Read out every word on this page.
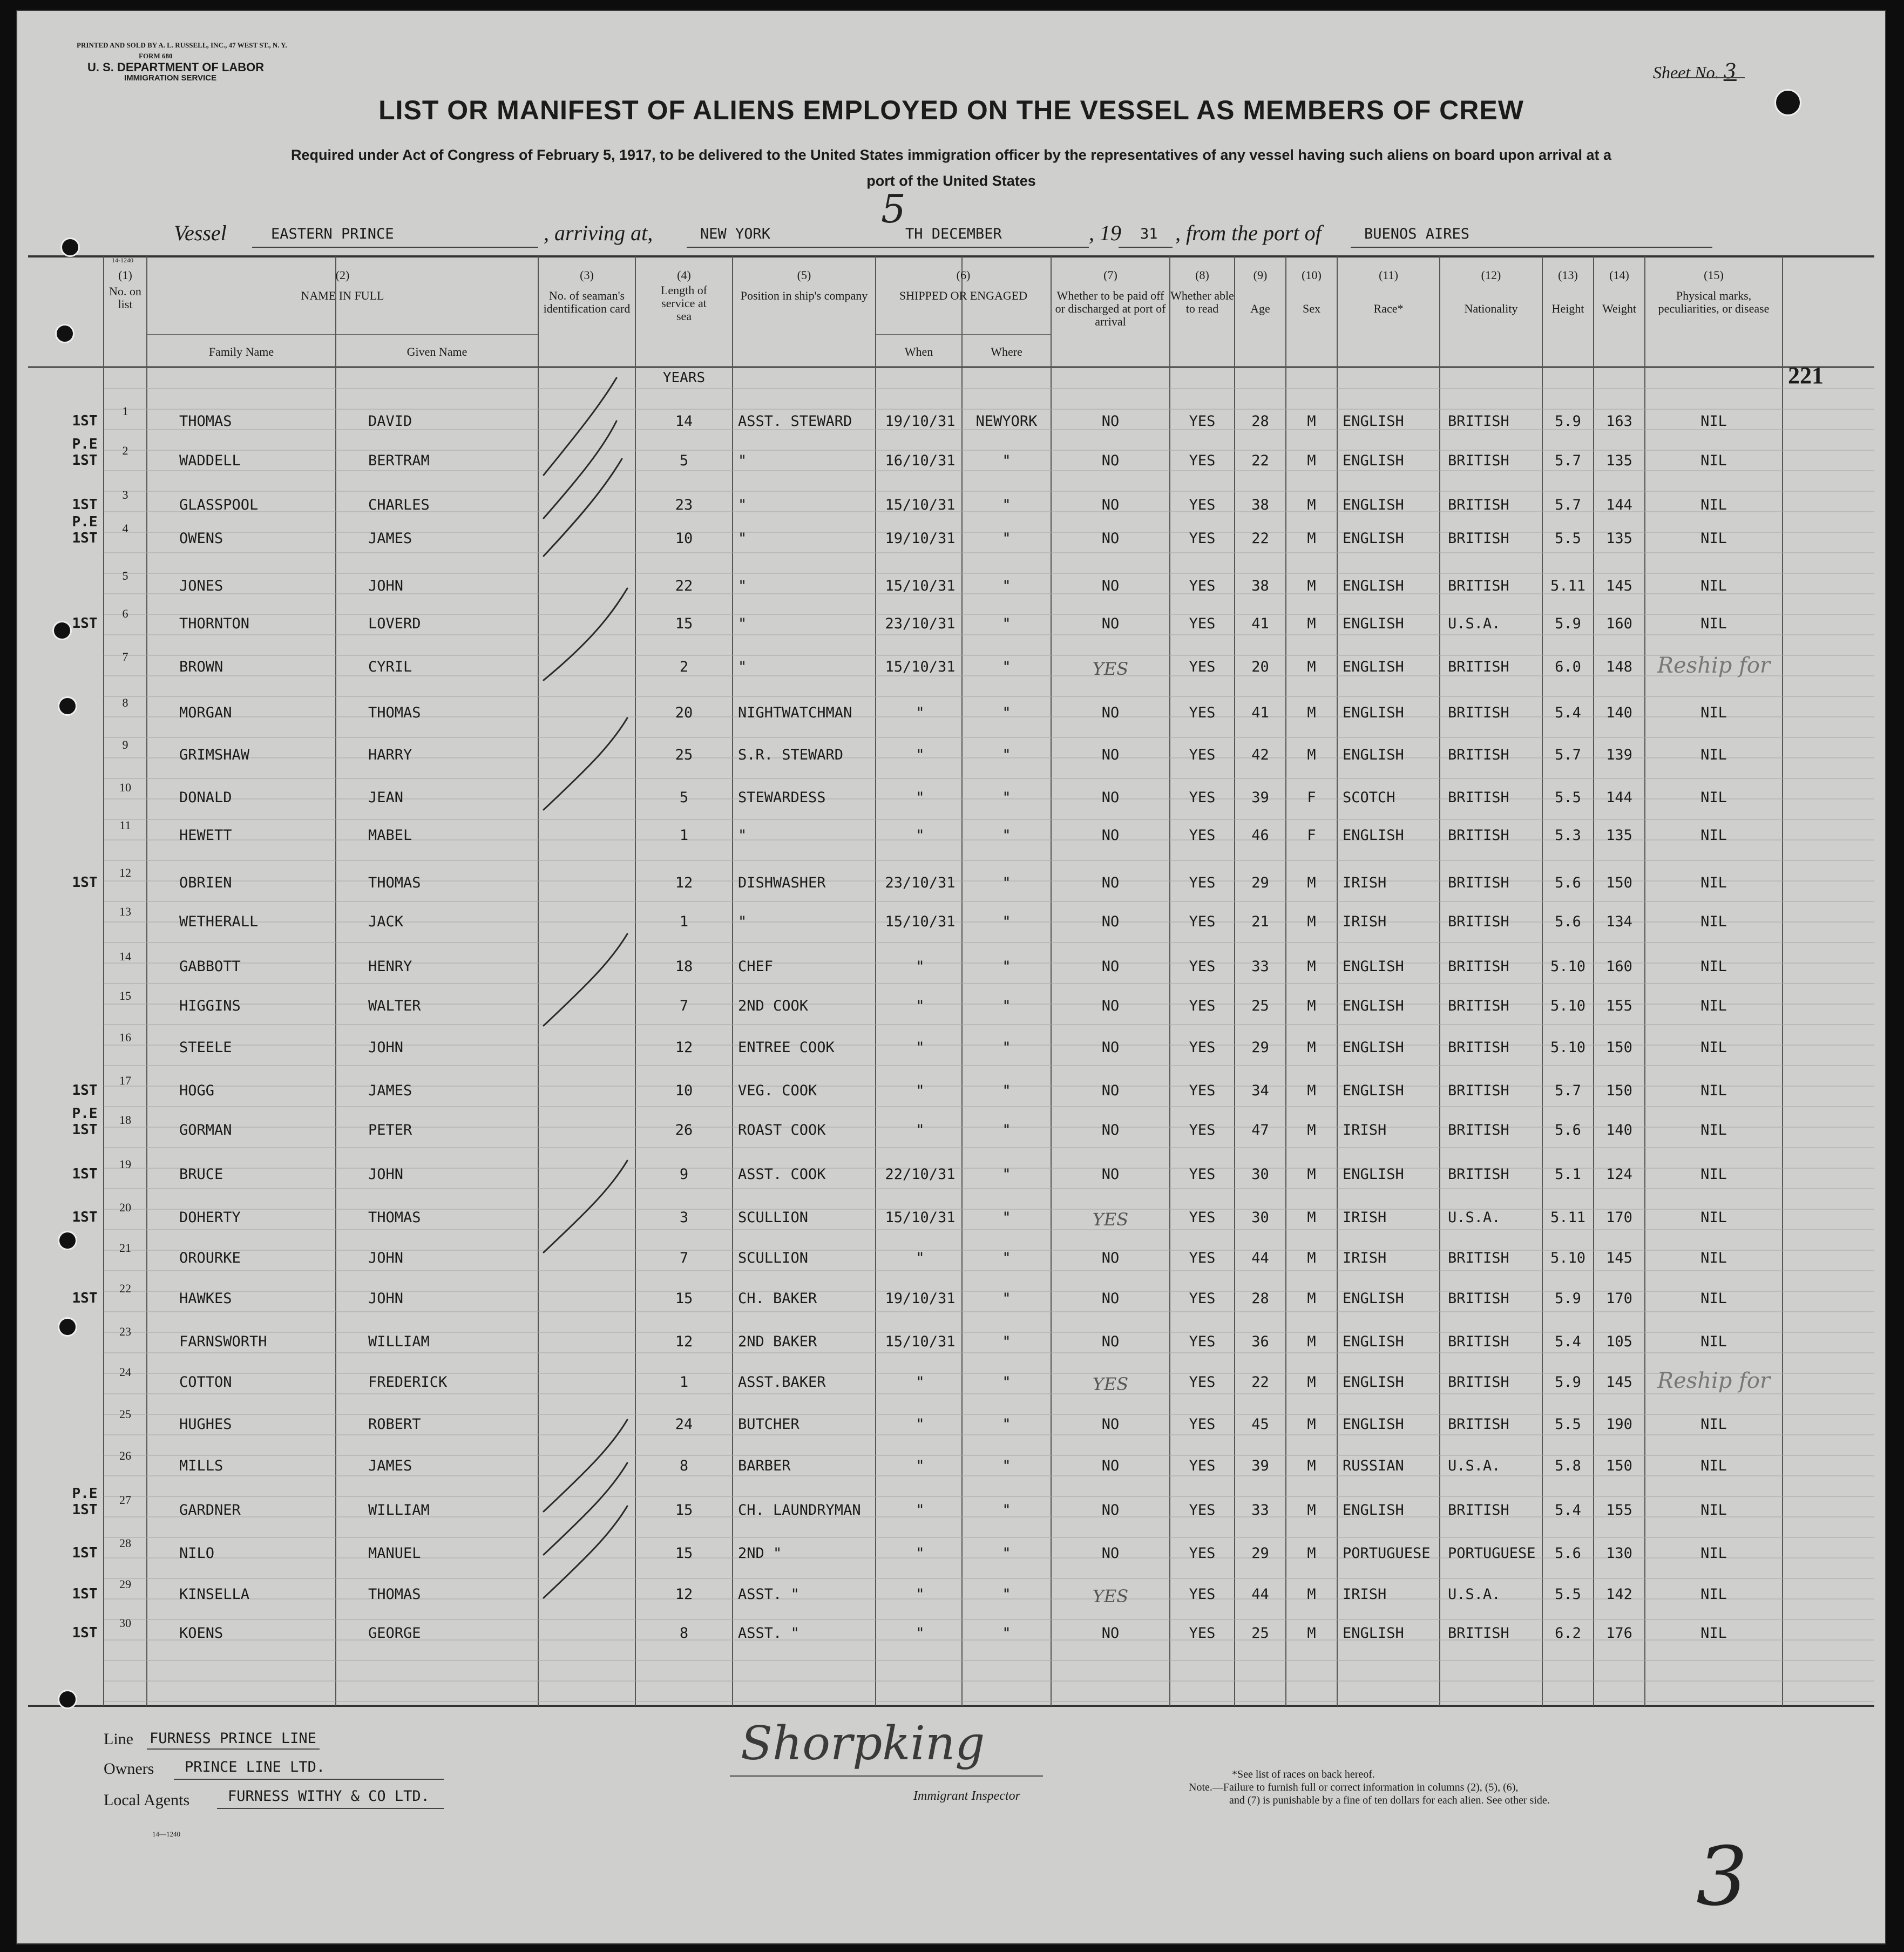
PRINTED AND SOLD BY A. L. RUSSELL, INC., 47 WEST ST., N. Y.
FORM 680
U. S. DEPARTMENT OF LABOR
IMMIGRATION SERVICE	Sheet No. 3
LIST OR MANIFEST OF ALIENS EMPLOYED ON THE VESSEL AS MEMBERS OF CREW
Required under Act of Congress of February 5, 1917, to be delivered to the United States immigration officer by the representatives of any vessel having such aliens on board upon arrival at a
port of the United States
Vessel	EASTERN PRINCE	, arriving at,	NEW YORK
5
TH DECEMBER	, 19 31 , from the port of	BUENOS AIRES
14-1240
(1)
No. on list
(2)
NAME IN FULL
Family Name	Given Name
(3)
No. of seaman's identification card
(4)
Length of service at sea
YEARS
(5)
Position in ship's company
(6)
SHIPPED OR ENGAGED
When	Where
(7)
Whether to be paid off or discharged at port of arrival
(8)
Whether able to read
(9)
Age
(10)
Sex
(11)
Race*
(12)
Nationality
(13)
Height
(14)
Weight
(15)
Physical marks, peculiarities, or disease
221
1
THOMAS	DAVID	14	ASST. STEWARD	19/10/31	NEWYORK	NO	YES	28	M	ENGLISH	BRITISH	5.9	163	NIL
1ST
2
WADDELL	BERTRAM	5	"	16/10/31	"	NO	YES	22	M	ENGLISH	BRITISH	5.7	135	NIL
P.E
1ST
3
GLASSPOOL	CHARLES	23	"	15/10/31	"	NO	YES	38	M	ENGLISH	BRITISH	5.7	144	NIL
1ST
4
OWENS	JAMES	10	"	19/10/31	"	NO	YES	22	M	ENGLISH	BRITISH	5.5	135	NIL
P.E
1ST
5
JONES	JOHN	22	"	15/10/31	"	NO	YES	38	M	ENGLISH	BRITISH	5.11	145	NIL
6
THORNTON	LOVERD	15	"	23/10/31	"	NO	YES	41	M	ENGLISH	U.S.A.	5.9	160	NIL
1ST
7
BROWN	CYRIL	2	"	15/10/31	"	YES	YES	20	M	ENGLISH	BRITISH	6.0	148	Reship for
8
MORGAN	THOMAS	20	NIGHTWATCHMAN	"	"	NO	YES	41	M	ENGLISH	BRITISH	5.4	140	NIL
9
GRIMSHAW	HARRY	25	S.R. STEWARD	"	"	NO	YES	42	M	ENGLISH	BRITISH	5.7	139	NIL
10
DONALD	JEAN	5	STEWARDESS	"	"	NO	YES	39	F	SCOTCH	BRITISH	5.5	144	NIL
11
HEWETT	MABEL	1	"	"	"	NO	YES	46	F	ENGLISH	BRITISH	5.3	135	NIL
12
OBRIEN	THOMAS	12	DISHWASHER	23/10/31	"	NO	YES	29	M	IRISH	BRITISH	5.6	150	NIL
1ST
13
WETHERALL	JACK	1	"	15/10/31	"	NO	YES	21	M	IRISH	BRITISH	5.6	134	NIL
14
GABBOTT	HENRY	18	CHEF	"	"	NO	YES	33	M	ENGLISH	BRITISH	5.10	160	NIL
15
HIGGINS	WALTER	7	2ND COOK	"	"	NO	YES	25	M	ENGLISH	BRITISH	5.10	155	NIL
16
STEELE	JOHN	12	ENTREE COOK	"	"	NO	YES	29	M	ENGLISH	BRITISH	5.10	150	NIL
17
HOGG	JAMES	10	VEG. COOK	"	"	NO	YES	34	M	ENGLISH	BRITISH	5.7	150	NIL
1ST
18
GORMAN	PETER	26	ROAST COOK	"	"	NO	YES	47	M	IRISH	BRITISH	5.6	140	NIL
P.E
1ST
19
BRUCE	JOHN	9	ASST. COOK	22/10/31	"	NO	YES	30	M	ENGLISH	BRITISH	5.1	124	NIL
1ST
20
DOHERTY	THOMAS	3	SCULLION	15/10/31	"	YES	YES	30	M	IRISH	U.S.A.	5.11	170	NIL
1ST
21
OROURKE	JOHN	7	SCULLION	"	"	NO	YES	44	M	IRISH	BRITISH	5.10	145	NIL
22
HAWKES	JOHN	15	CH. BAKER	19/10/31	"	NO	YES	28	M	ENGLISH	BRITISH	5.9	170	NIL
1ST
23
FARNSWORTH	WILLIAM	12	2ND BAKER	15/10/31	"	NO	YES	36	M	ENGLISH	BRITISH	5.4	105	NIL
24
COTTON	FREDERICK	1	ASST.BAKER	"	"	YES	YES	22	M	ENGLISH	BRITISH	5.9	145	Reship for
25
HUGHES	ROBERT	24	BUTCHER	"	"	NO	YES	45	M	ENGLISH	BRITISH	5.5	190	NIL
26
MILLS	JAMES	8	BARBER	"	"	NO	YES	39	M	RUSSIAN	U.S.A.	5.8	150	NIL
27
GARDNER	WILLIAM	15	CH. LAUNDRYMAN	"	"	NO	YES	33	M	ENGLISH	BRITISH	5.4	155	NIL
P.E
1ST
28
NILO	MANUEL	15	2ND "	"	"	NO	YES	29	M	PORTUGUESE	PORTUGUESE	5.6	130	NIL
1ST
29
KINSELLA	THOMAS	12	ASST. "	"	"	YES	YES	44	M	IRISH	U.S.A.	5.5	142	NIL
1ST
30
KOENS	GEORGE	8	ASST. "	"	"	NO	YES	25	M	ENGLISH	BRITISH	6.2	176	NIL
1ST
Line FURNESS PRINCE LINE
Owners PRINCE LINE LTD.
Local Agents	FURNESS WITHY & CO LTD.
Shorpking
Immigrant Inspector
*See list of races on back hereof.
Note.—Failure to furnish full or correct information in columns (2), (5), (6),
and (7) is punishable by a fine of ten dollars for each alien. See other side.
14—1240	3
